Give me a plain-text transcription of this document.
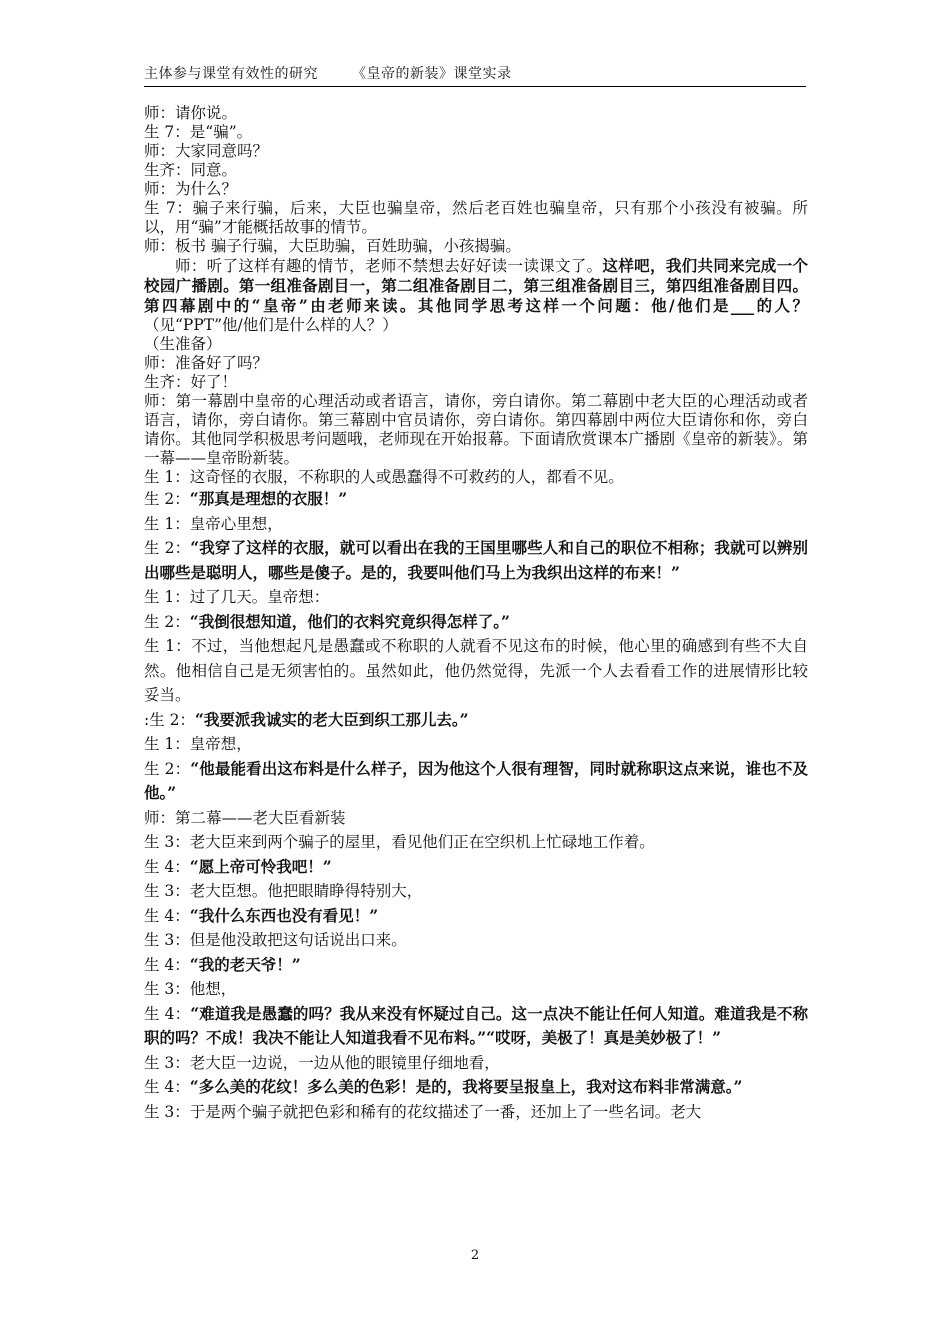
主体参与课堂有效性的研究 《皇帝的新装》课堂实录

师：请你说。

生 7：是“骗”。

师：大家同意吗？

生齐：同意。

师：为什么？

生 7：骗子来行骗，后来，大臣也骗皇帝，然后老百姓也骗皇帝，只有那个小孩没有被骗。所以，用“骗”才能概括故事的情节。

师：板书 骗子行骗，大臣助骗，百姓助骗，小孩揭骗。

师：听了这样有趣的情节，老师不禁想去好好读一读课文了。这样吧，我们共同来完成一个校园广播剧。第一组准备剧目一，第二组准备剧目二，第三组准备剧目三，第四组准备剧目四。第四幕剧中的“皇帝”由老师来读。其他同学思考这样一个问题：他/他们是___的人？（见“PPT”他/他们是什么样的人？）

（生准备）

师：准备好了吗？

生齐：好了！

师：第一幕剧中皇帝的心理活动或者语言，请你，旁白请你。第二幕剧中老大臣的心理活动或者语言，请你，旁白请你。第三幕剧中官员请你，旁白请你。第四幕剧中两位大臣请你和你，旁白请你。其他同学积极思考问题哦，老师现在开始报幕。下面请欣赏课本广播剧《皇帝的新装》。第一幕——皇帝盼新装。

生 1：这奇怪的衣服，不称职的人或愚蠢得不可救药的人，都看不见。

生 2：“那真是理想的衣服！”

生 1：皇帝心里想，

生 2：“我穿了这样的衣服，就可以看出在我的王国里哪些人和自己的职位不相称；我就可以辨别出哪些是聪明人，哪些是傻子。是的，我要叫他们马上为我织出这样的布来！”

生 1：过了几天。皇帝想：

生 2：“我倒很想知道，他们的衣料究竟织得怎样了。”

生 1：不过，当他想起凡是愚蠢或不称职的人就看不见这布的时候，他心里的确感到有些不大自然。他相信自己是无须害怕的。虽然如此，他仍然觉得，先派一个人去看看工作的进展情形比较妥当。

:生 2：“我要派我诚实的老大臣到织工那儿去。”

生 1：皇帝想，

生 2：“他最能看出这布料是什么样子，因为他这个人很有理智，同时就称职这点来说，谁也不及他。”

师：第二幕——老大臣看新装

生 3：老大臣来到两个骗子的屋里，看见他们正在空织机上忙碌地工作着。

生 4：“愿上帝可怜我吧！”

生 3：老大臣想。他把眼睛睁得特别大，

生 4：“我什么东西也没有看见！”

生 3：但是他没敢把这句话说出口来。

生 4：“我的老天爷！”

生 3：他想，

生 4：“难道我是愚蠢的吗？我从来没有怀疑过自己。这一点决不能让任何人知道。难道我是不称职的吗？不成！我决不能让人知道我看不见布料。”“哎呀，美极了！真是美妙极了！”

生 3：老大臣一边说，一边从他的眼镜里仔细地看，

生 4：“多么美的花纹！多么美的色彩！是的，我将要呈报皇上，我对这布料非常满意。”

生 3：于是两个骗子就把色彩和稀有的花纹描述了一番，还加上了一些名词。老大

2
